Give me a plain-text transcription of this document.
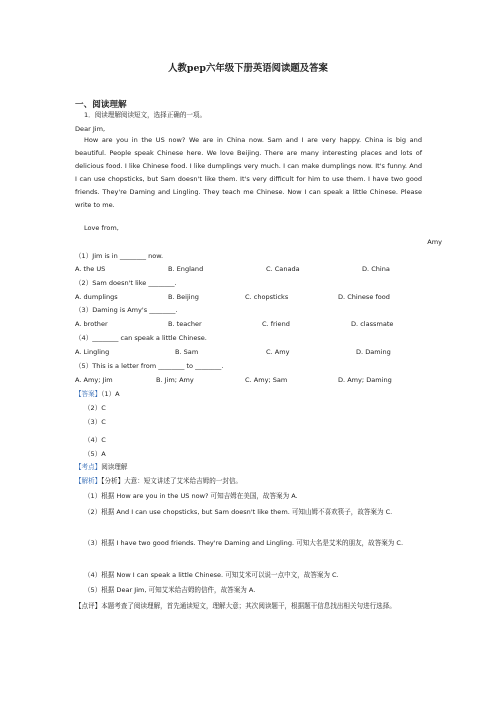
人教pep六年级下册英语阅读题及答案
一、阅读理解
1．阅读理解阅读短文，选择正确的一项。
Dear Jim,
How are you in the US now? We are in China now. Sam and I are very happy. China is big and beautiful. People speak Chinese here. We love Beijing. There are many interesting places and lots of delicious food. I like Chinese food. I like dumplings very much. I can make dumplings now. It's funny. And I can use chopsticks, but Sam doesn't like them. It's very difficult for him to use them. I have two good friends. They're Daming and Lingling. They teach me Chinese. Now I can speak a little Chinese. Please write to me.
Love from,
Amy
（1）Jim is in ________ now.
A. the US	B. England	C. Canada	D. China
（2）Sam doesn't like ________.
A. dumplings	B. Beijing	C. chopsticks	D. Chinese food
（3）Daming is Amy's ________.
A. brother	B. teacher	C. friend	D. classmate
（4）________ can speak a little Chinese.
A. Lingling	B. Sam	C. Amy	D. Daming
（5）This is a letter from ________ to ________.
A. Amy; Jim	B. Jim; Amy	C. Amy; Sam	D. Amy; Daming
【答案】（1）A
（2）C
（3）C
（4）C
（5）A
【考点】阅读理解
【解析】【分析】大意：短文讲述了艾米给吉姆的一封信。
（1）根据 How are you in the US now? 可知吉姆在美国，故答案为 A.
（2）根据 And I can use chopsticks, but Sam doesn't like them. 可知山姆不喜欢筷子，故答案为 C.
（3）根据 I have two good friends. They're Daming and Lingling. 可知大名是艾米的朋友，故答案为 C.
（4）根据 Now I can speak a little Chinese. 可知艾米可以说一点中文，故答案为 C.
（5）根据 Dear Jim, 可知艾米给吉姆的信件，故答案为 A.
【点评】本题考查了阅读理解，首先通读短文，理解大意；其次阅读题干，根据题干信息找出相关句进行选择。
